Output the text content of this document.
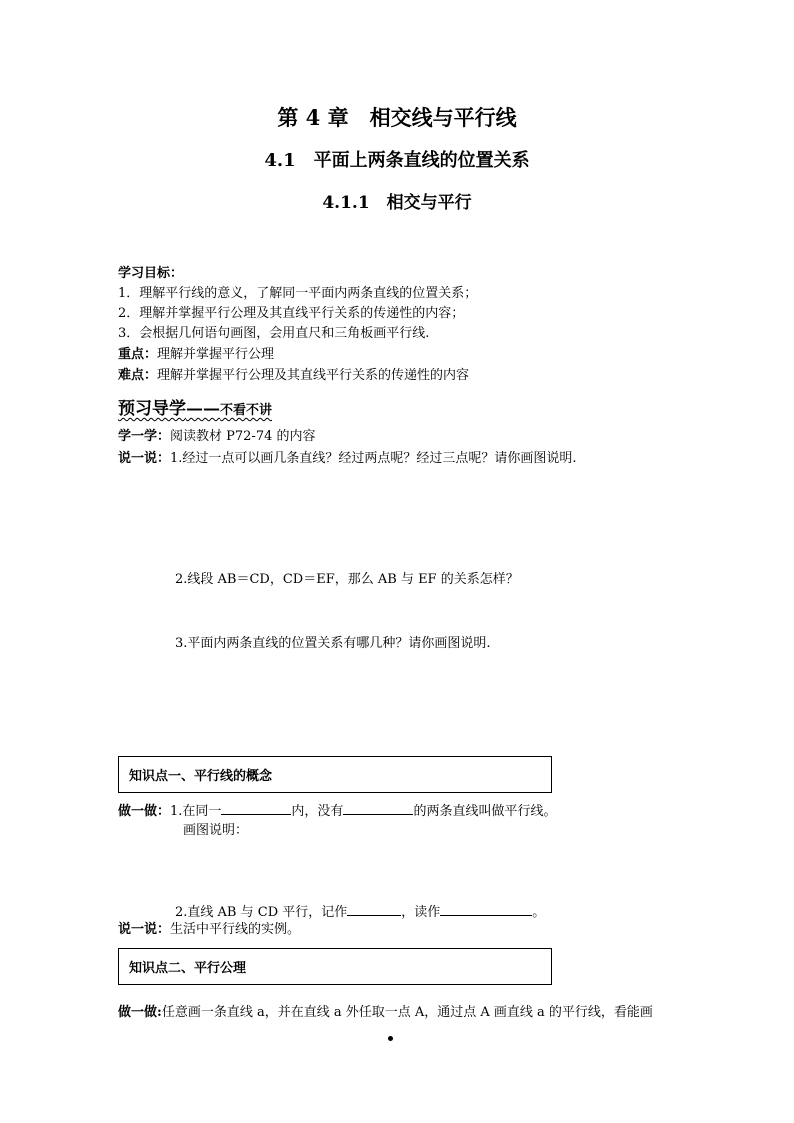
第 4 章　相交线与平行线
4.1　平面上两条直线的位置关系
4.1.1　相交与平行
学习目标：
1．理解平行线的意义，了解同一平面内两条直线的位置关系；
2．理解并掌握平行公理及其直线平行关系的传递性的内容；
3．会根据几何语句画图，会用直尺和三角板画平行线.
重点：理解并掌握平行公理
难点：理解并掌握平行公理及其直线平行关系的传递性的内容
预习导学——不看不讲
学一学：阅读教材 P72-74 的内容
说一说：1.经过一点可以画几条直线？经过两点呢？经过三点呢？请你画图说明.
2.线段 AB＝CD，CD＝EF，那么 AB 与 EF 的关系怎样？
3.平面内两条直线的位置关系有哪几种？请你画图说明.
知识点一、平行线的概念
做一做：1.在同一	内，没有	的两条直线叫做平行线。
画图说明：
2.直线 AB 与 CD 平行，记作	，读作	。
说一说：生活中平行线的实例。
知识点二、平行公理
做一做:任意画一条直线 a，并在直线 a 外任取一点 A，通过点 A 画直线 a 的平行线，看能画
